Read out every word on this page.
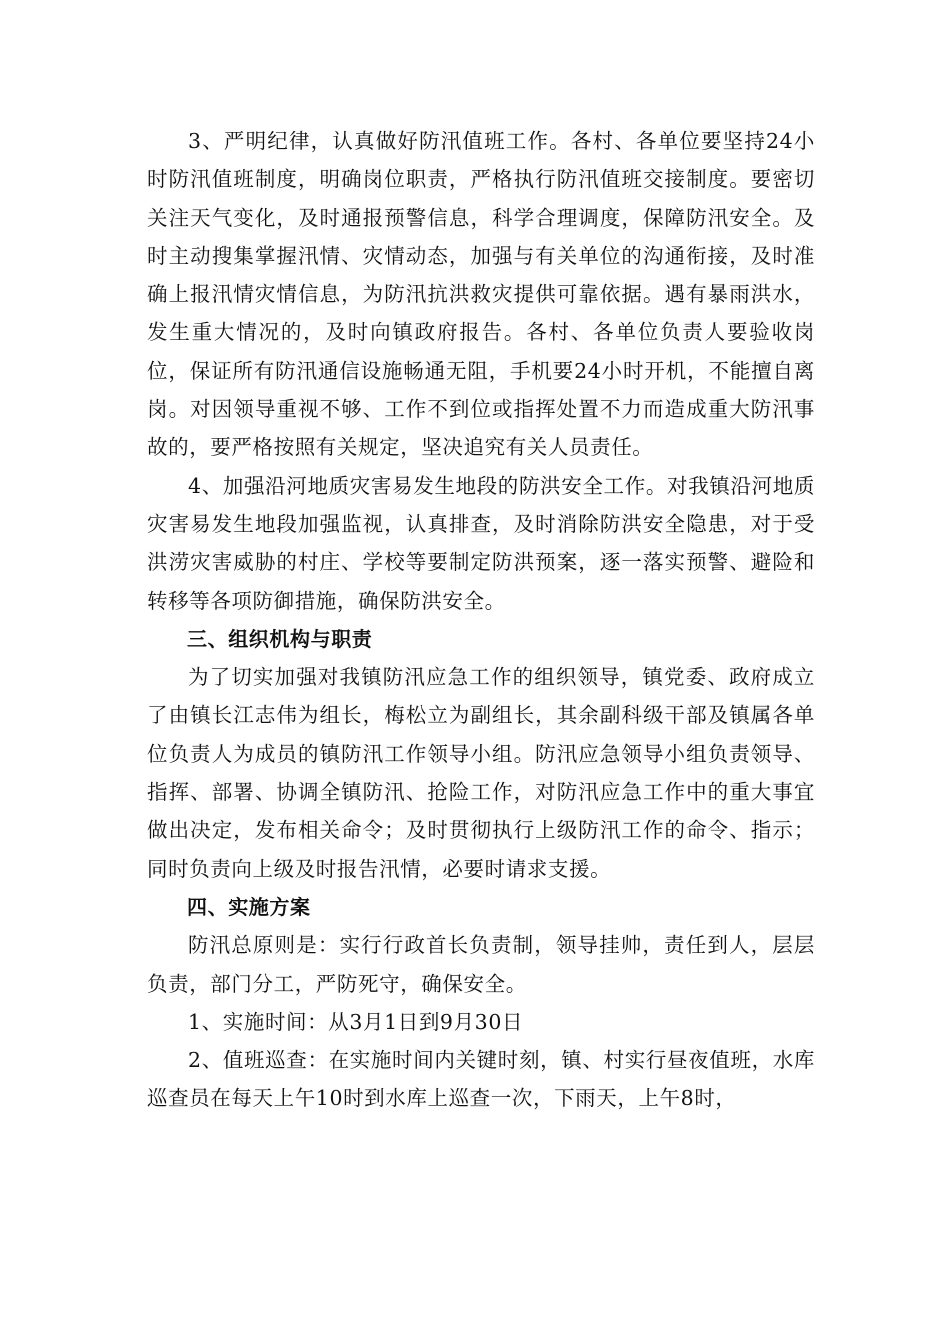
3、严明纪律，认真做好防汛值班工作。各村、各单位要坚持24小时防汛值班制度，明确岗位职责，严格执行防汛值班交接制度。要密切关注天气变化，及时通报预警信息，科学合理调度，保障防汛安全。及时主动搜集掌握汛情、灾情动态，加强与有关单位的沟通衔接，及时准确上报汛情灾情信息，为防汛抗洪救灾提供可靠依据。遇有暴雨洪水，发生重大情况的，及时向镇政府报告。各村、各单位负责人要验收岗位，保证所有防汛通信设施畅通无阻，手机要24小时开机，不能擅自离岗。对因领导重视不够、工作不到位或指挥处置不力而造成重大防汛事故的，要严格按照有关规定，坚决追究有关人员责任。

4、加强沿河地质灾害易发生地段的防洪安全工作。对我镇沿河地质灾害易发生地段加强监视，认真排查，及时消除防洪安全隐患，对于受洪涝灾害威胁的村庄、学校等要制定防洪预案，逐一落实预警、避险和转移等各项防御措施，确保防洪安全。

三、组织机构与职责

为了切实加强对我镇防汛应急工作的组织领导，镇党委、政府成立了由镇长江志伟为组长，梅松立为副组长，其余副科级干部及镇属各单位负责人为成员的镇防汛工作领导小组。防汛应急领导小组负责领导、指挥、部署、协调全镇防汛、抢险工作，对防汛应急工作中的重大事宜做出决定，发布相关命令；及时贯彻执行上级防汛工作的命令、指示；同时负责向上级及时报告汛情，必要时请求支援。

四、实施方案

防汛总原则是：实行行政首长负责制，领导挂帅，责任到人，层层负责，部门分工，严防死守，确保安全。

1、实施时间：从3月1日到9月30日

2、值班巡查：在实施时间内关键时刻，镇、村实行昼夜值班，水库巡查员在每天上午10时到水库上巡查一次，下雨天，上午8时，
